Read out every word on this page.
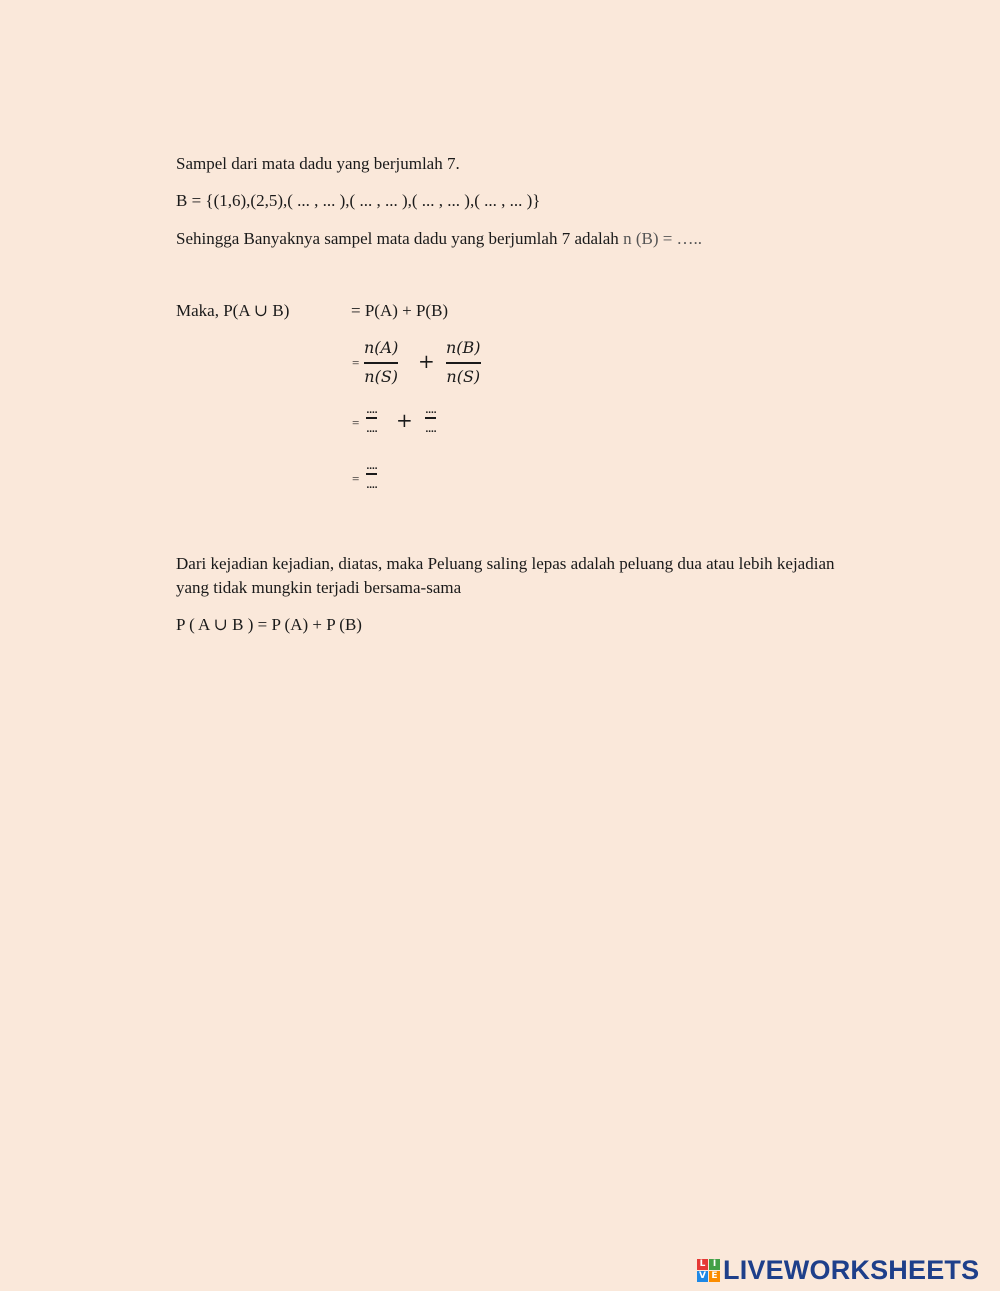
Sampel dari mata dadu yang berjumlah 7.
B = {(1,6),(2,5),( ... , ... ),( ... , ... ),( ... , ... ),( ... , ... )}
Sehingga Banyaknya sampel mata dadu yang berjumlah 7 adalah n (B) = …..
Maka, P(A ∪ B)	= P(A) + P(B)
=
n(A)
n(S)
+
n(B)
n(S)
=
....
.... + ....
....
=
....
....
Dari kejadian kejadian, diatas, maka Peluang saling lepas adalah peluang dua atau lebih kejadian
yang tidak mungkin terjadi bersama-sama
P ( A ∪ B ) = P (A) + P (B)
L I
V E LIVEWORKSHEETS
